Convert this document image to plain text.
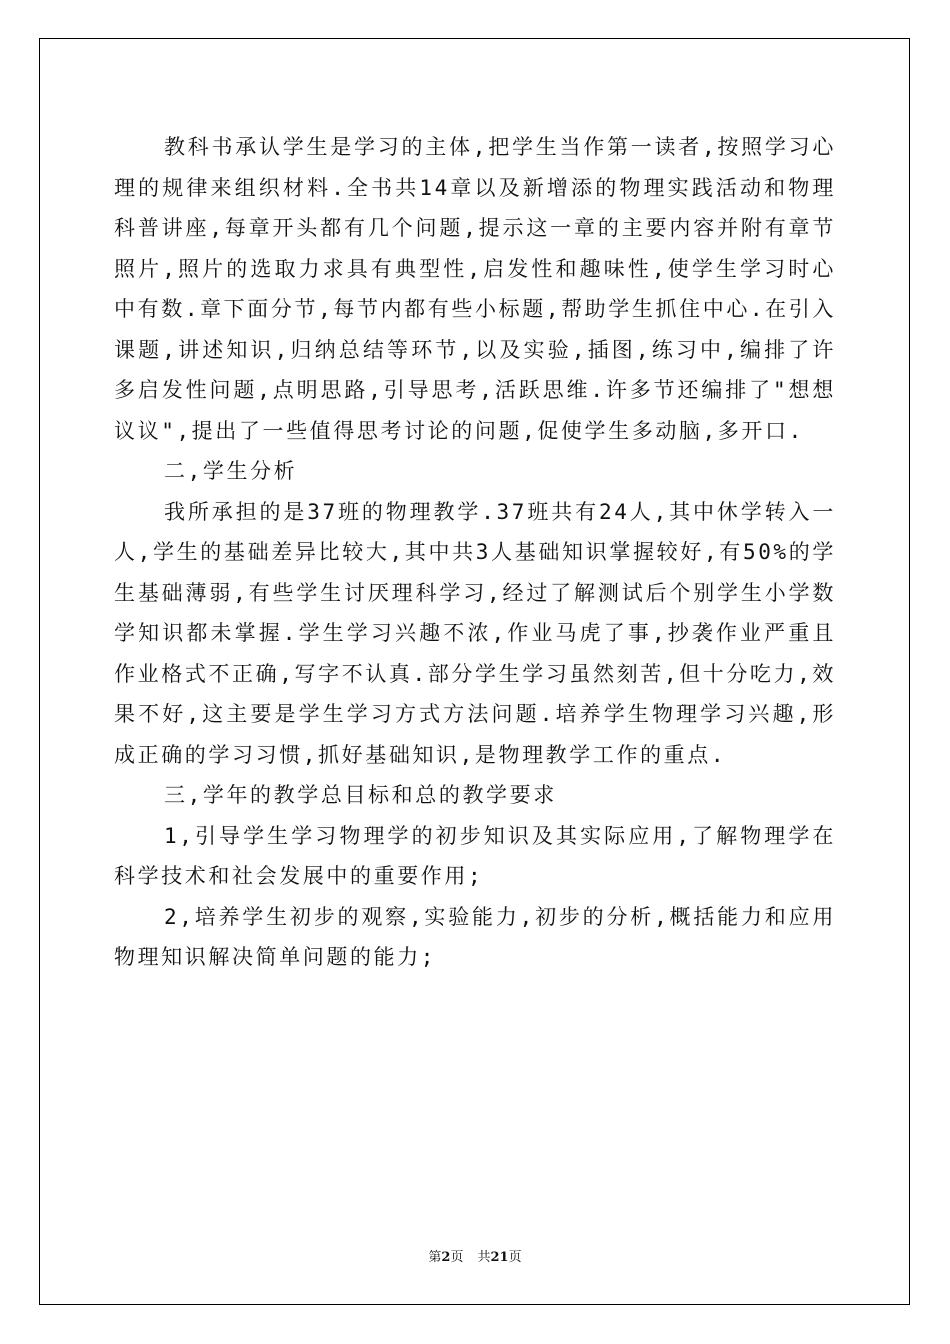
教科书承认学生是学习的主体,把学生当作第一读者,按照学习心理的规律来组织材料.全书共14章以及新增添的物理实践活动和物理科普讲座,每章开头都有几个问题,提示这一章的主要内容并附有章节照片,照片的选取力求具有典型性,启发性和趣味性,使学生学习时心中有数.章下面分节,每节内都有些小标题,帮助学生抓住中心.在引入课题,讲述知识,归纳总结等环节,以及实验,插图,练习中,编排了许多启发性问题,点明思路,引导思考,活跃思维.许多节还编排了"想想议议",提出了一些值得思考讨论的问题,促使学生多动脑,多开口.

二,学生分析

我所承担的是37班的物理教学.37班共有24人,其中休学转入一人,学生的基础差异比较大,其中共3人基础知识掌握较好,有50%的学生基础薄弱,有些学生讨厌理科学习,经过了解测试后个别学生小学数学知识都未掌握.学生学习兴趣不浓,作业马虎了事,抄袭作业严重且作业格式不正确,写字不认真.部分学生学习虽然刻苦,但十分吃力,效果不好,这主要是学生学习方式方法问题.培养学生物理学习兴趣,形成正确的学习习惯,抓好基础知识,是物理教学工作的重点.

三,学年的教学总目标和总的教学要求

1,引导学生学习物理学的初步知识及其实际应用,了解物理学在科学技术和社会发展中的重要作用;

2,培养学生初步的观察,实验能力,初步的分析,概括能力和应用物理知识解决简单问题的能力;

第2页 共21页
